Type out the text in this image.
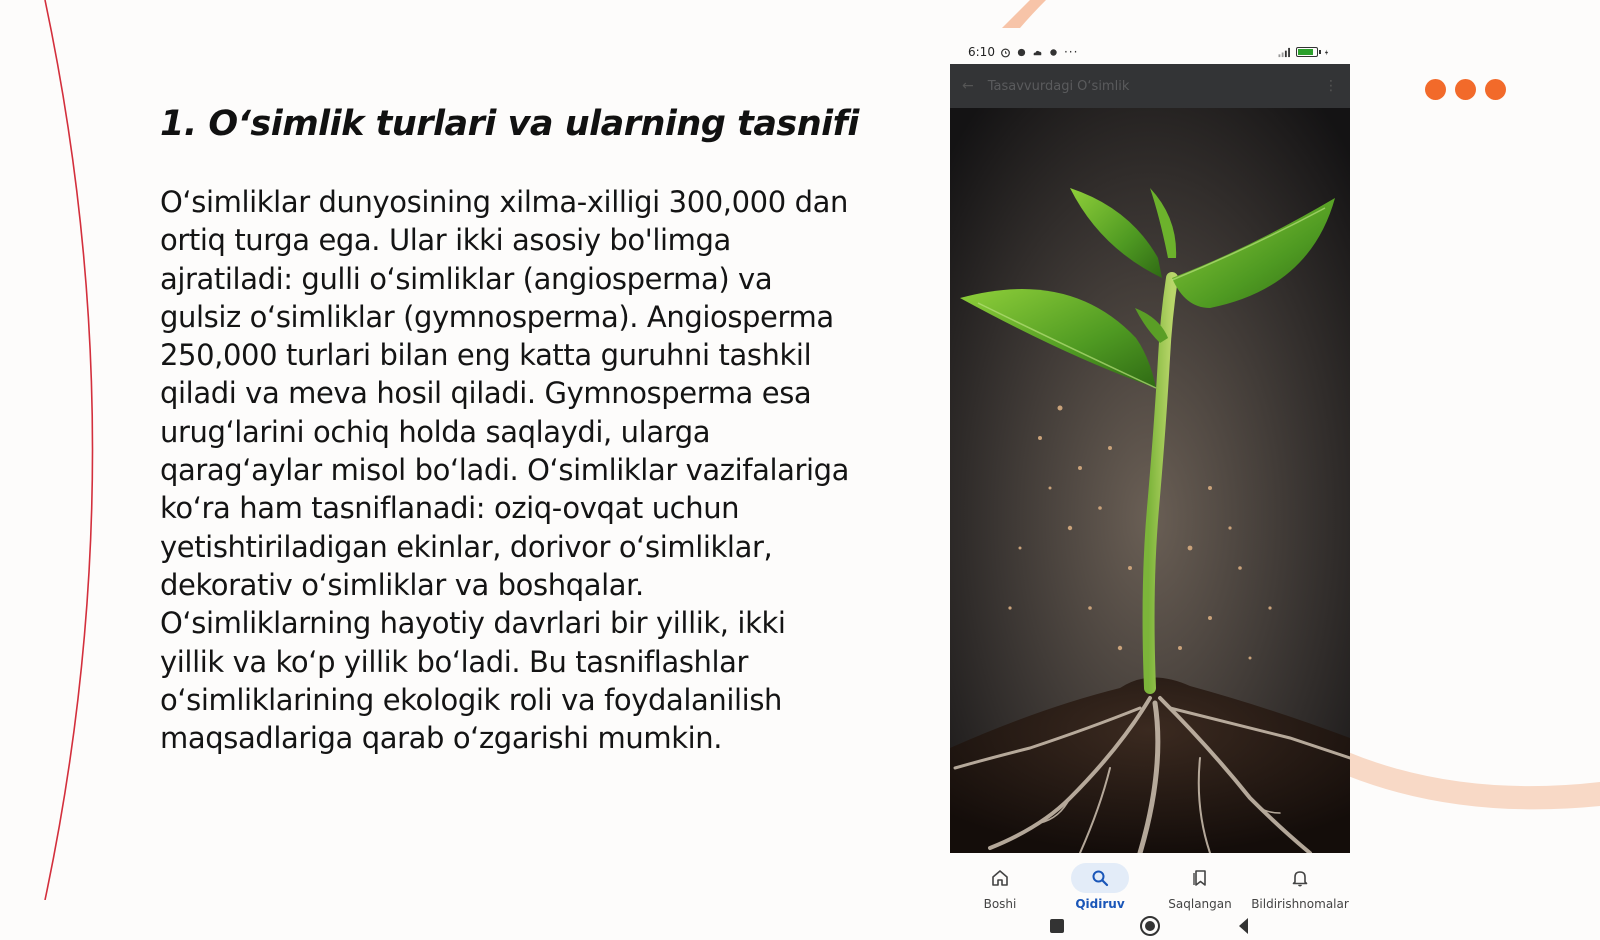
1. O‘simlik turlari va ularning tasnifi

O‘simliklar dunyosining xilma-xilligi 300,000 dan ortiq turga ega. Ular ikki asosiy bo'limga ajratiladi: gulli o‘simliklar (angiosperma) va gulsiz o‘simliklar (gymnosperma). Angiosperma 250,000 turlari bilan eng katta guruhni tashkil qiladi va meva hosil qiladi. Gymnosperma esa urug‘larini ochiq holda saqlaydi, ularga qarag‘aylar misol bo‘ladi. O‘simliklar vazifalariga ko‘ra ham tasniflanadi: oziq-ovqat uchun yetishtiriladigan ekinlar, dorivor o‘simliklar, dekorativ o‘simliklar va boshqalar. O‘simliklarning hayotiy davrlari bir yillik, ikki yillik va ko‘p yillik bo‘ladi. Bu tasniflashlar o‘simliklarining ekologik roli va foydalanilish maqsadlariga qarab o‘zgarishi mumkin.

6:10	···
← Tasavvurdagi O‘simlik	⋮
Boshi	Qidiruv	Saqlangan Bildirishnomalar
